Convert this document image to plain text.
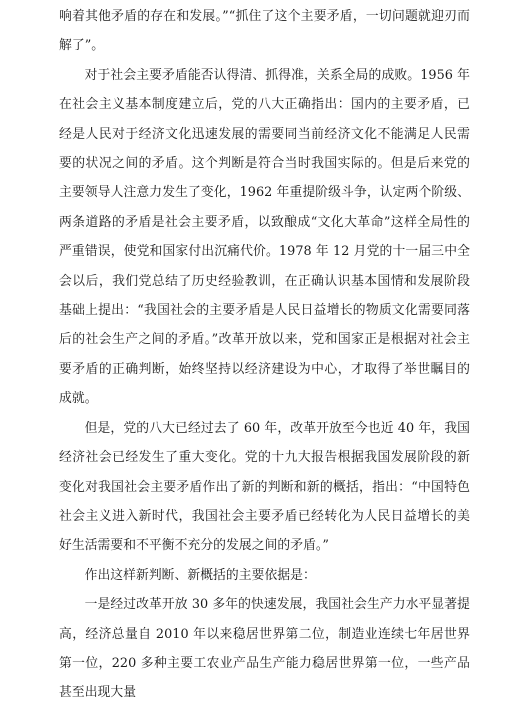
响着其他矛盾的存在和发展。”“抓住了这个主要矛盾，一切问题就迎刃而解了”。

对于社会主要矛盾能否认得清、抓得准，关系全局的成败。1956 年在社会主义基本制度建立后，党的八大正确指出：国内的主要矛盾，已经是人民对于经济文化迅速发展的需要同当前经济文化不能满足人民需要的状况之间的矛盾。这个判断是符合当时我国实际的。但是后来党的主要领导人注意力发生了变化，1962 年重提阶级斗争，认定两个阶级、两条道路的矛盾是社会主要矛盾，以致酿成“文化大革命”这样全局性的严重错误，使党和国家付出沉痛代价。1978 年 12 月党的十一届三中全会以后，我们党总结了历史经验教训，在正确认识基本国情和发展阶段基础上提出：“我国社会的主要矛盾是人民日益增长的物质文化需要同落后的社会生产之间的矛盾。”改革开放以来，党和国家正是根据对社会主要矛盾的正确判断，始终坚持以经济建设为中心，才取得了举世瞩目的成就。

但是，党的八大已经过去了 60 年，改革开放至今也近 40 年，我国经济社会已经发生了重大变化。党的十九大报告根据我国发展阶段的新变化对我国社会主要矛盾作出了新的判断和新的概括，指出：“中国特色社会主义进入新时代，我国社会主要矛盾已经转化为人民日益增长的美好生活需要和不平衡不充分的发展之间的矛盾。”

作出这样新判断、新概括的主要依据是：

一是经过改革开放 30 多年的快速发展，我国社会生产力水平显著提高，经济总量自 2010 年以来稳居世界第二位，制造业连续七年居世界第一位，220 多种主要工农业产品生产能力稳居世界第一位，一些产品甚至出现大量
